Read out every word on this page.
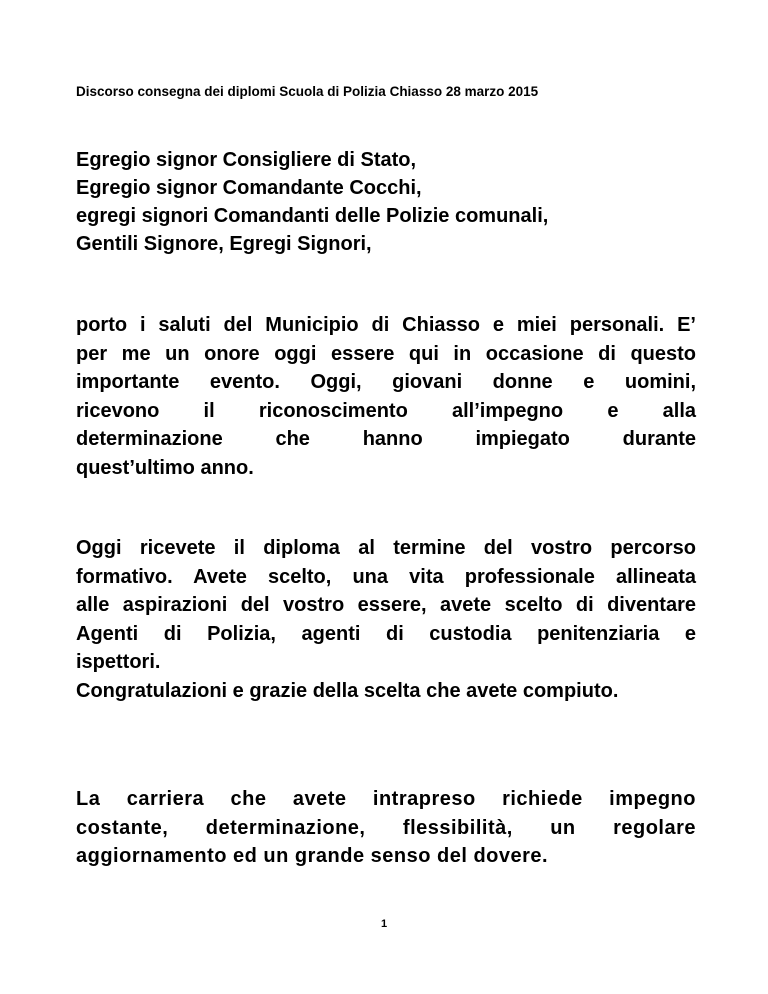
Discorso consegna dei diplomi Scuola di Polizia Chiasso 28 marzo 2015
Egregio signor Consigliere di Stato,
Egregio signor Comandante Cocchi,
egregi signori Comandanti delle Polizie comunali,
Gentili Signore, Egregi Signori,
porto i saluti del Municipio di Chiasso e miei personali. E’
per me un onore oggi essere qui in occasione di questo
importante evento. Oggi, giovani donne e uomini,
ricevono il riconoscimento all’impegno e alla
determinazione che hanno impiegato durante
quest’ultimo anno.
Oggi ricevete il diploma al termine del vostro percorso
formativo. Avete scelto, una vita professionale allineata
alle aspirazioni del vostro essere, avete scelto di diventare
Agenti di Polizia, agenti di custodia penitenziaria e
ispettori.
Congratulazioni e grazie della scelta che avete compiuto.
La carriera che avete intrapreso richiede impegno
costante, determinazione, flessibilità, un regolare
aggiornamento ed un grande senso del dovere.
1
